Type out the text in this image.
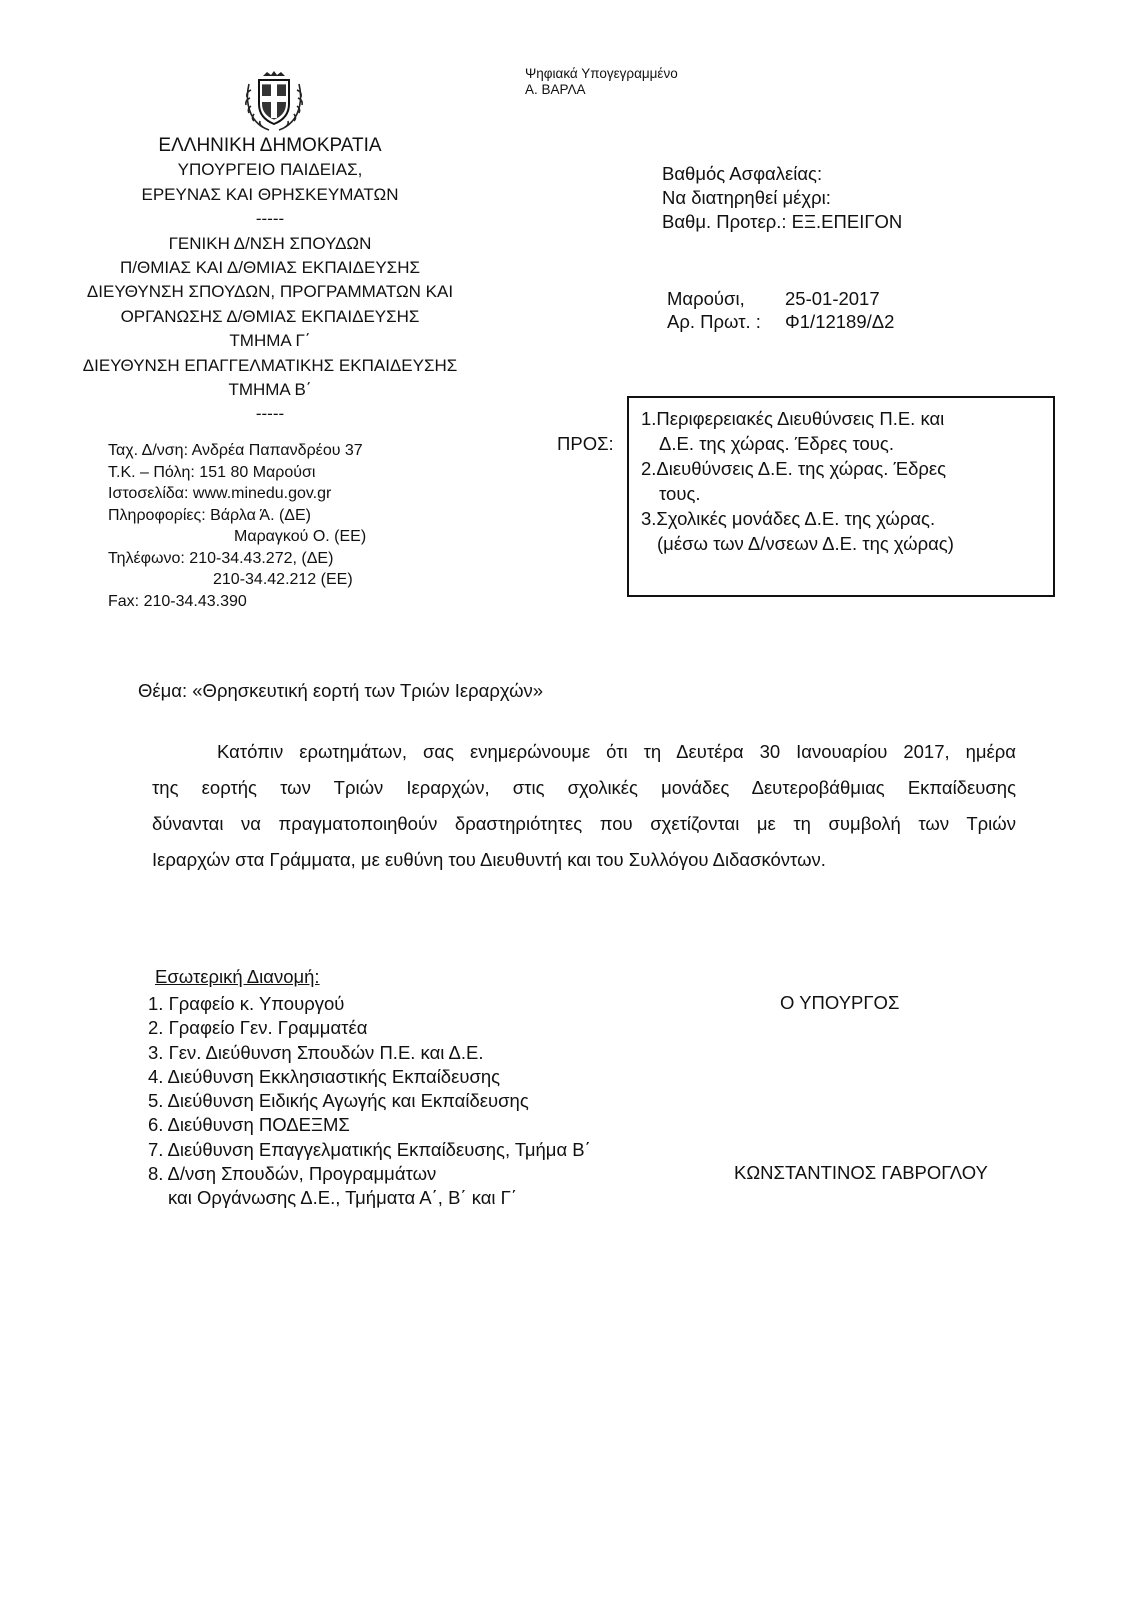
Ψηφιακά Υπογεγραμμένο
Α. ΒΑΡΛΑ
ΕΛΛΗΝΙΚΗ ΔΗΜΟΚΡΑΤΙΑ
ΥΠΟΥΡΓΕΙΟ ΠΑΙΔΕΙΑΣ,
ΕΡΕΥΝΑΣ ΚΑΙ ΘΡΗΣΚΕΥΜΑΤΩΝ
-----
ΓΕΝΙΚΗ Δ/ΝΣΗ ΣΠΟΥΔΩΝ
Π/ΘΜΙΑΣ ΚΑΙ Δ/ΘΜΙΑΣ ΕΚΠΑΙΔΕΥΣΗΣ
ΔΙΕΥΘΥΝΣΗ ΣΠΟΥΔΩΝ, ΠΡΟΓΡΑΜΜΑΤΩΝ ΚΑΙ
ΟΡΓΑΝΩΣΗΣ Δ/ΘΜΙΑΣ ΕΚΠΑΙΔΕΥΣΗΣ
ΤΜΗΜΑ Γ΄
ΔΙΕΥΘΥΝΣΗ ΕΠΑΓΓΕΛΜΑΤΙΚΗΣ ΕΚΠΑΙΔΕΥΣΗΣ
ΤΜΗΜΑ Β΄
-----
Ταχ. Δ/νση: Ανδρέα Παπανδρέου 37
Τ.Κ. – Πόλη: 151 80 Μαρούσι
Ιστοσελίδα: www.minedu.gov.gr
Πληροφορίες: Βάρλα Ά. (ΔΕ)
Μαραγκού Ο. (ΕΕ)
Τηλέφωνο: 210-34.43.272, (ΔΕ)
210-34.42.212 (ΕΕ)
Fax: 210-34.43.390
Βαθμός Ασφαλείας:
Να διατηρηθεί μέχρι:
Βαθμ. Προτερ.: ΕΞ.ΕΠΕΙΓΟΝ
Μαρούσι, 25-01-2017
Αρ. Πρωτ. : Φ1/12189/Δ2
ΠΡΟΣ:
1.Περιφερειακές Διευθύνσεις Π.Ε. και
Δ.Ε. της χώρας. Έδρες τους.
2.Διευθύνσεις Δ.Ε. της χώρας. Έδρες
τους.
3.Σχολικές μονάδες Δ.Ε. της χώρας.
(μέσω των Δ/νσεων Δ.Ε. της χώρας)
Θέμα: «Θρησκευτική εορτή των Τριών Ιεραρχών»
Κατόπιν ερωτημάτων, σας ενημερώνουμε ότι τη Δευτέρα 30 Ιανουαρίου 2017, ημέρα
της εορτής των Τριών Ιεραρχών, στις σχολικές μονάδες Δευτεροβάθμιας Εκπαίδευσης
δύνανται να πραγματοποιηθούν δραστηριότητες που σχετίζονται με τη συμβολή των Τριών
Ιεραρχών στα Γράμματα, με ευθύνη του Διευθυντή και του Συλλόγου Διδασκόντων.
Εσωτερική Διανομή:
1. Γραφείο κ. Υπουργού
2. Γραφείο Γεν. Γραμματέα
3. Γεν. Διεύθυνση Σπουδών Π.Ε. και Δ.Ε.
4. Διεύθυνση Εκκλησιαστικής Εκπαίδευσης
5. Διεύθυνση Ειδικής Αγωγής και Εκπαίδευσης
6. Διεύθυνση ΠΟΔΕΞΜΣ
7. Διεύθυνση Επαγγελματικής Εκπαίδευσης, Τμήμα Β΄
8. Δ/νση Σπουδών, Προγραμμάτων
και Οργάνωσης Δ.Ε., Τμήματα Α΄, Β΄ και Γ΄
Ο ΥΠΟΥΡΓΟΣ
ΚΩΝΣΤΑΝΤΙΝΟΣ ΓΑΒΡΟΓΛΟΥ
